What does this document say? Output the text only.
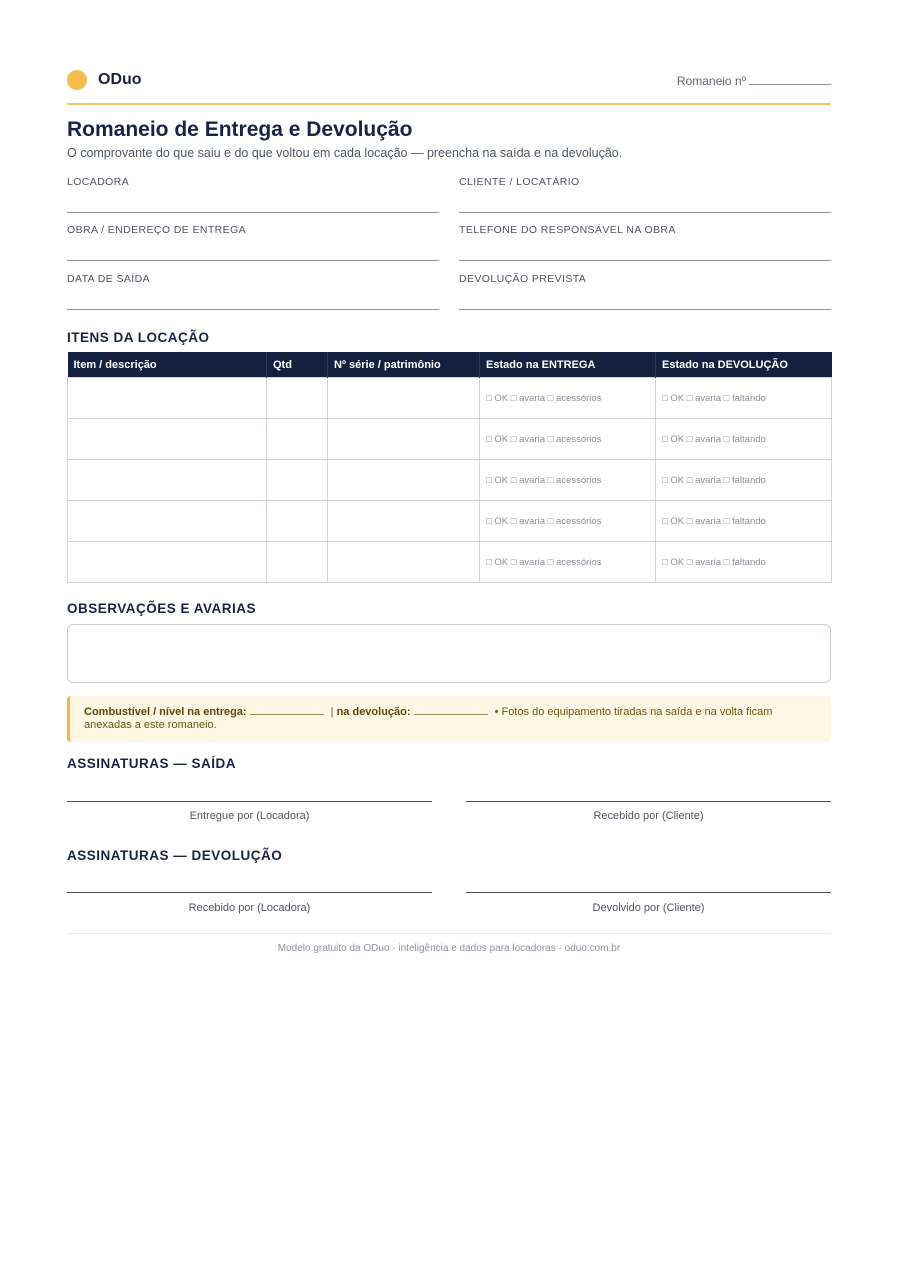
ODuo	Romaneio nº
Romaneio de Entrega e Devolução
O comprovante do que saiu e do que voltou em cada locação — preencha na saída e na devolução.
LOCADORA	CLIENTE / LOCATÁRIO
OBRA / ENDEREÇO DE ENTREGA	TELEFONE DO RESPONSÁVEL NA OBRA
DATA DE SAÍDA	DEVOLUÇÃO PREVISTA
ITENS DA LOCAÇÃO
Item / descrição	Qtd	Nº série / patrimônio	Estado na ENTREGA	Estado na DEVOLUÇÃO
			□ OK □ avaria □ acessórios	□ OK □ avaria □ faltando
			□ OK □ avaria □ acessórios	□ OK □ avaria □ faltando
			□ OK □ avaria □ acessórios	□ OK □ avaria □ faltando
			□ OK □ avaria □ acessórios	□ OK □ avaria □ faltando
			□ OK □ avaria □ acessórios	□ OK □ avaria □ faltando
OBSERVAÇÕES E AVARIAS
Combustível / nível na entrega:	| na devolução:	• Fotos do equipamento tiradas na saída e na volta ficam anexadas a este romaneio.
ASSINATURAS — SAÍDA
Entregue por (Locadora)	Recebido por (Cliente)
ASSINATURAS — DEVOLUÇÃO
Recebido por (Locadora)	Devolvido por (Cliente)
Modelo gratuito da ODuo · inteligência e dados para locadoras · oduo.com.br
